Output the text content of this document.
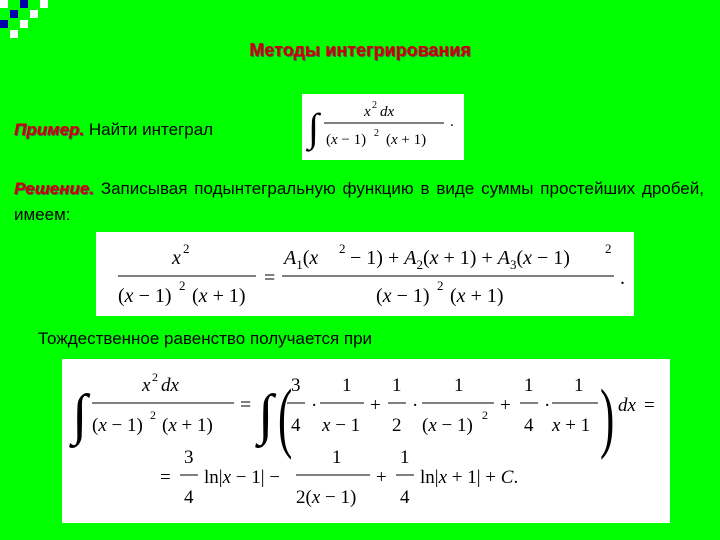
Методы интегрирования
Пример. Найти интеграл ∫	x 2 dx
(x − 1) 2 (x + 1)
.
Решение. Записывая подынтегральную функцию в виде суммы простейших дробей, имеем:
x 2
(x − 1) 2 (x + 1)
=
$A_1(x$ $2 - 1) + A_2(x + 1) + A_3(x - 1)$	2
(x − 1) 2 (x + 1)
.
Тождественное равенство получается при
∫	x 2 dx
(x − 1) 2 (x + 1)
= ∫ (
3
4
·
1
x − 1
+
1
2
·
1
(x − 1) 2 +
1
4
·
1
x + 1 ) dx =
=
3
4
ln|x − 1| −
1
2(x − 1)
+
1
4
ln|x + 1| + C.
